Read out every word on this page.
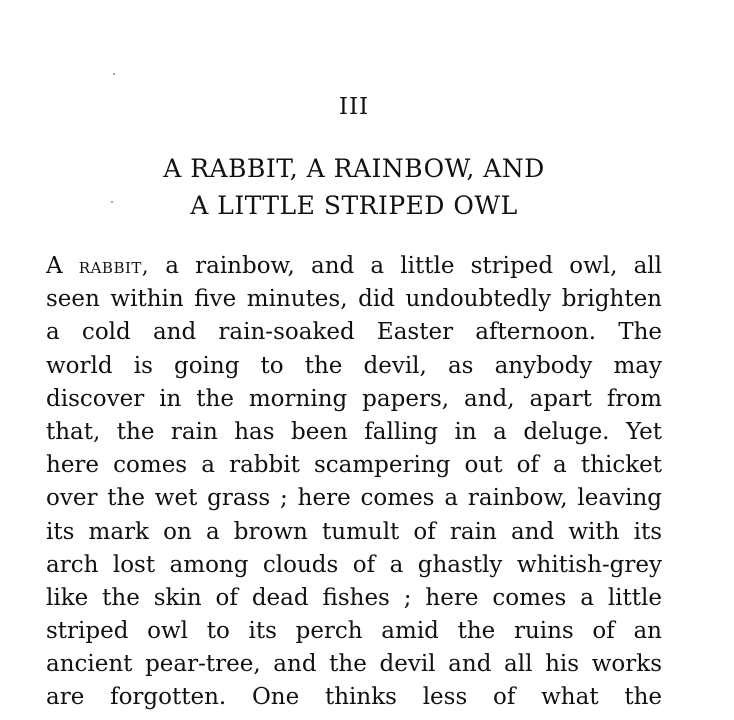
III
A RABBIT, A RAINBOW, AND
A LITTLE STRIPED OWL
A rabbit, a rainbow, and a little striped owl, all
seen within five minutes, did undoubtedly brighten
a cold and rain-soaked Easter afternoon. The
world is going to the devil, as anybody may
discover in the morning papers, and, apart from
that, the rain has been falling in a deluge. Yet
here comes a rabbit scampering out of a thicket
over the wet grass ; here comes a rainbow, leaving
its mark on a brown tumult of rain and with its
arch lost among clouds of a ghastly whitish-grey
like the skin of dead fishes ; here comes a little
striped owl to its perch amid the ruins of an
ancient pear-tree, and the devil and all his works
are forgotten. One thinks less of what the
